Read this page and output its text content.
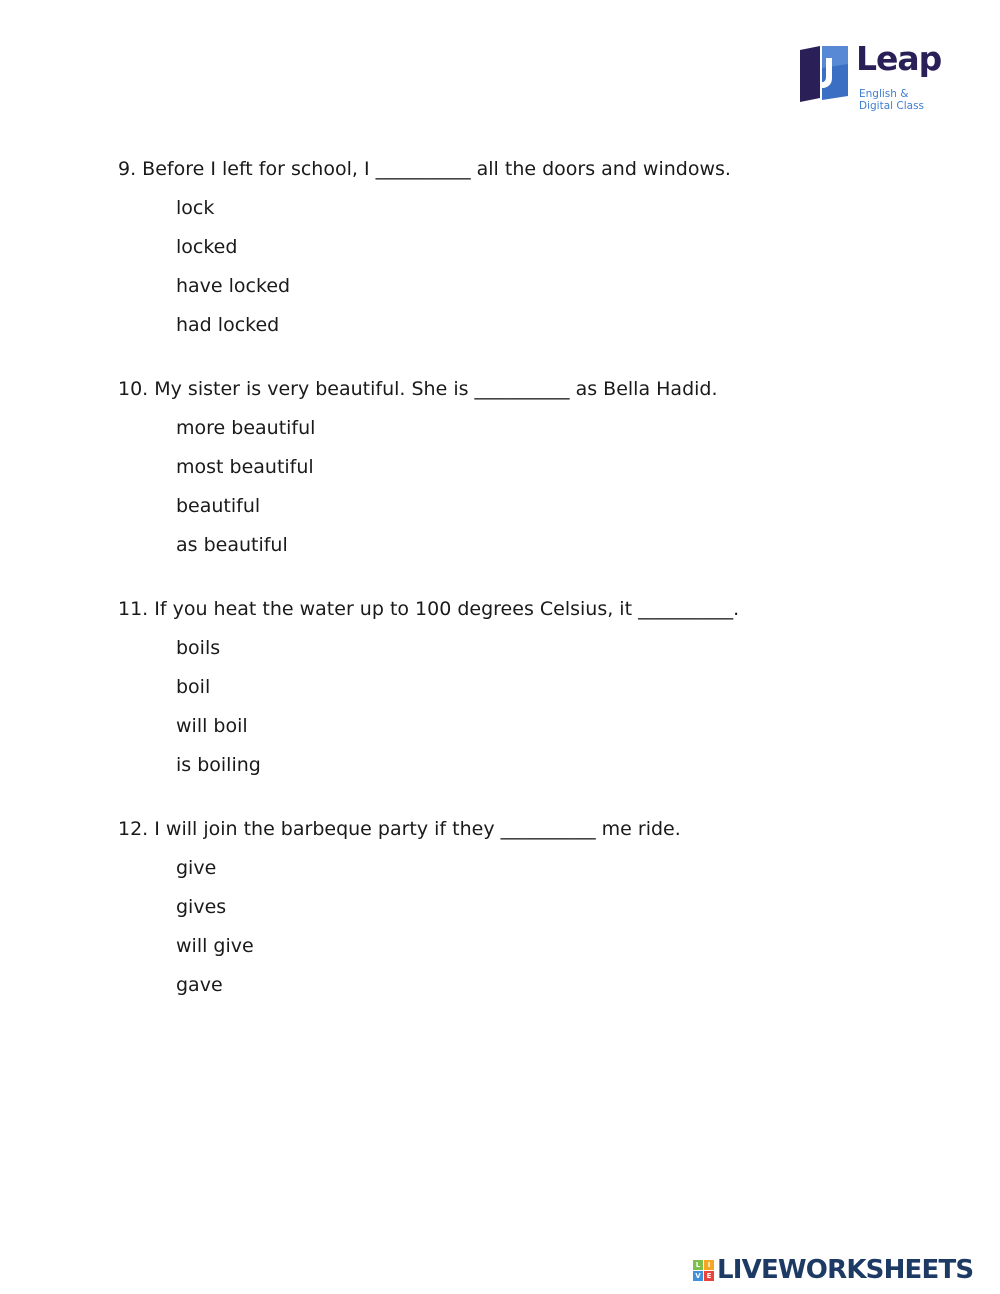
Leap
English &
Digital Class
9. Before I left for school, I __________ all the doors and windows.
lock
locked
have locked
had locked
10. My sister is very beautiful. She is __________ as Bella Hadid.
more beautiful
most beautiful
beautiful
as beautiful
11. If you heat the water up to 100 degrees Celsius, it __________.
boils
boil
will boil
is boiling
12. I will join the barbeque party if they __________ me ride.
give
gives
will give
gave
L	I
V E LIVEWORKSHEETS
